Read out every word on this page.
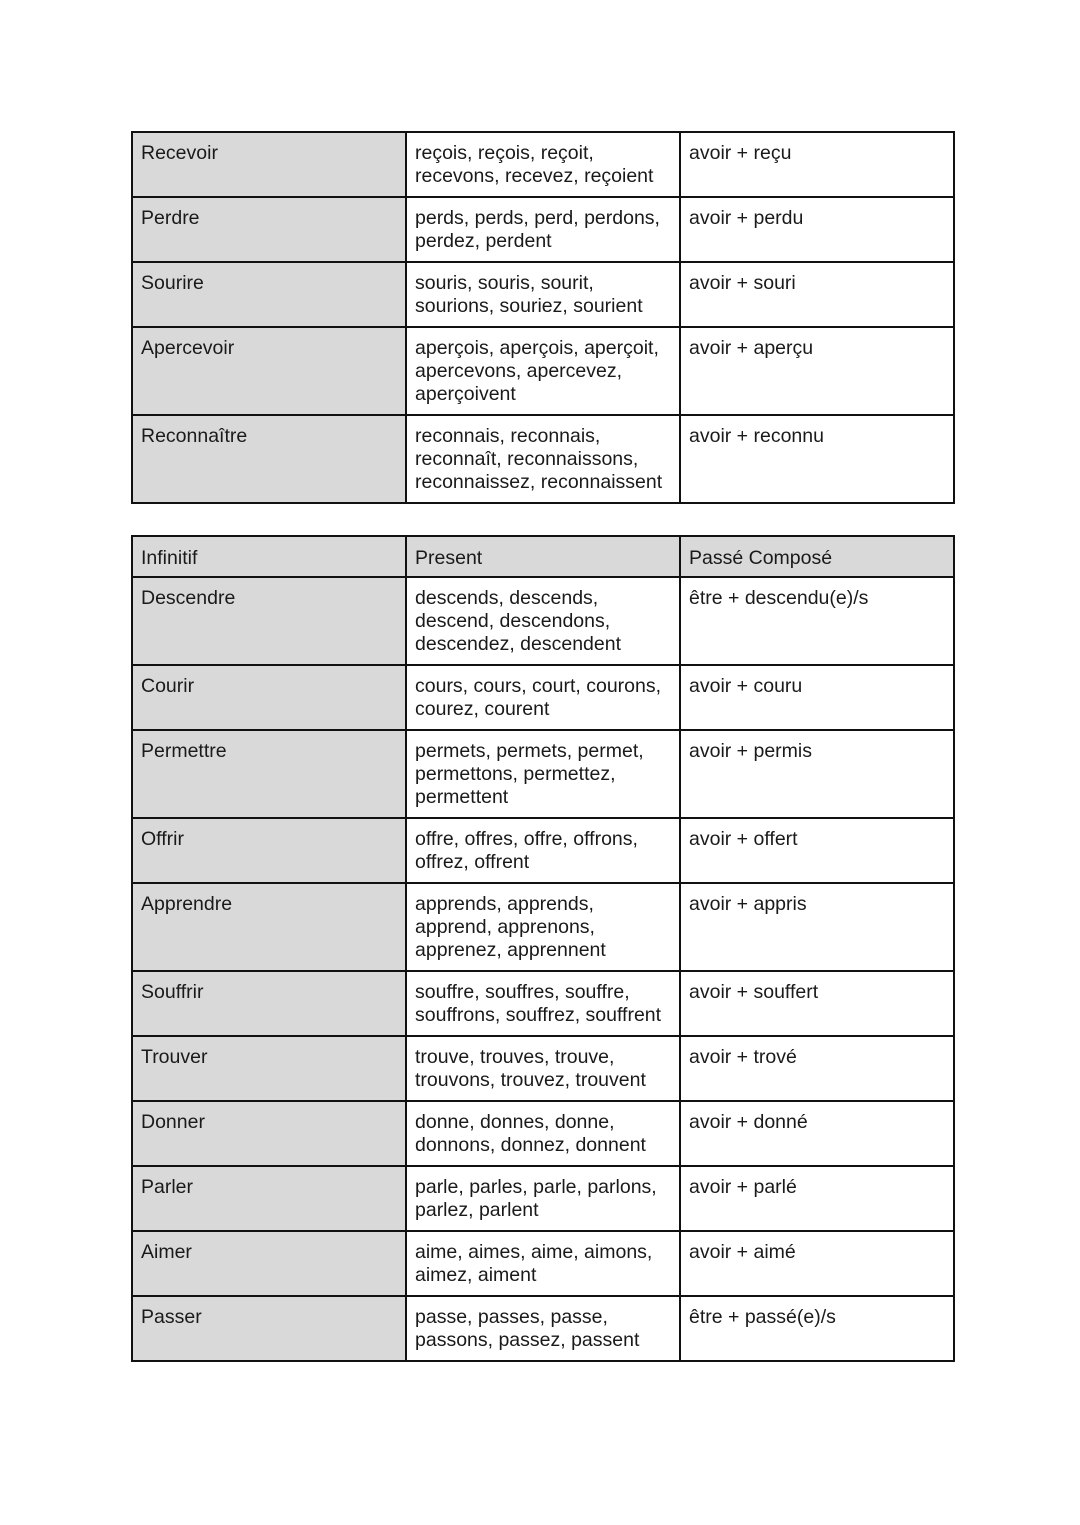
Recevoir	reçois, reçois, reçoit,
recevons, recevez, reçoient	avoir + reçu
Perdre	perds, perds, perd, perdons,
perdez, perdent	avoir + perdu
Sourire	souris, souris, sourit,
sourions, souriez, sourient	avoir + souri
Apercevoir	aperçois, aperçois, aperçoit,
apercevons, apercevez,
aperçoivent	avoir + aperçu
Reconnaître	reconnais, reconnais,
reconnaît, reconnaissons,
reconnaissez, reconnaissent	avoir + reconnu
Infinitif	Present	Passé Composé
Descendre	descends, descends,
descend, descendons,
descendez, descendent	être + descendu(e)/s
Courir	cours, cours, court, courons,
courez, courent	avoir + couru
Permettre	permets, permets, permet,
permettons, permettez,
permettent	avoir + permis
Offrir	offre, offres, offre, offrons,
offrez, offrent	avoir + offert
Apprendre	apprends, apprends,
apprend, apprenons,
apprenez, apprennent	avoir + appris
Souffrir	souffre, souffres, souffre,
souffrons, souffrez, souffrent	avoir + souffert
Trouver	trouve, trouves, trouve,
trouvons, trouvez, trouvent	avoir + trové
Donner	donne, donnes, donne,
donnons, donnez, donnent	avoir + donné
Parler	parle, parles, parle, parlons,
parlez, parlent	avoir + parlé
Aimer	aime, aimes, aime, aimons,
aimez, aiment	avoir + aimé
Passer	passe, passes, passe,
passons, passez, passent	être + passé(e)/s
